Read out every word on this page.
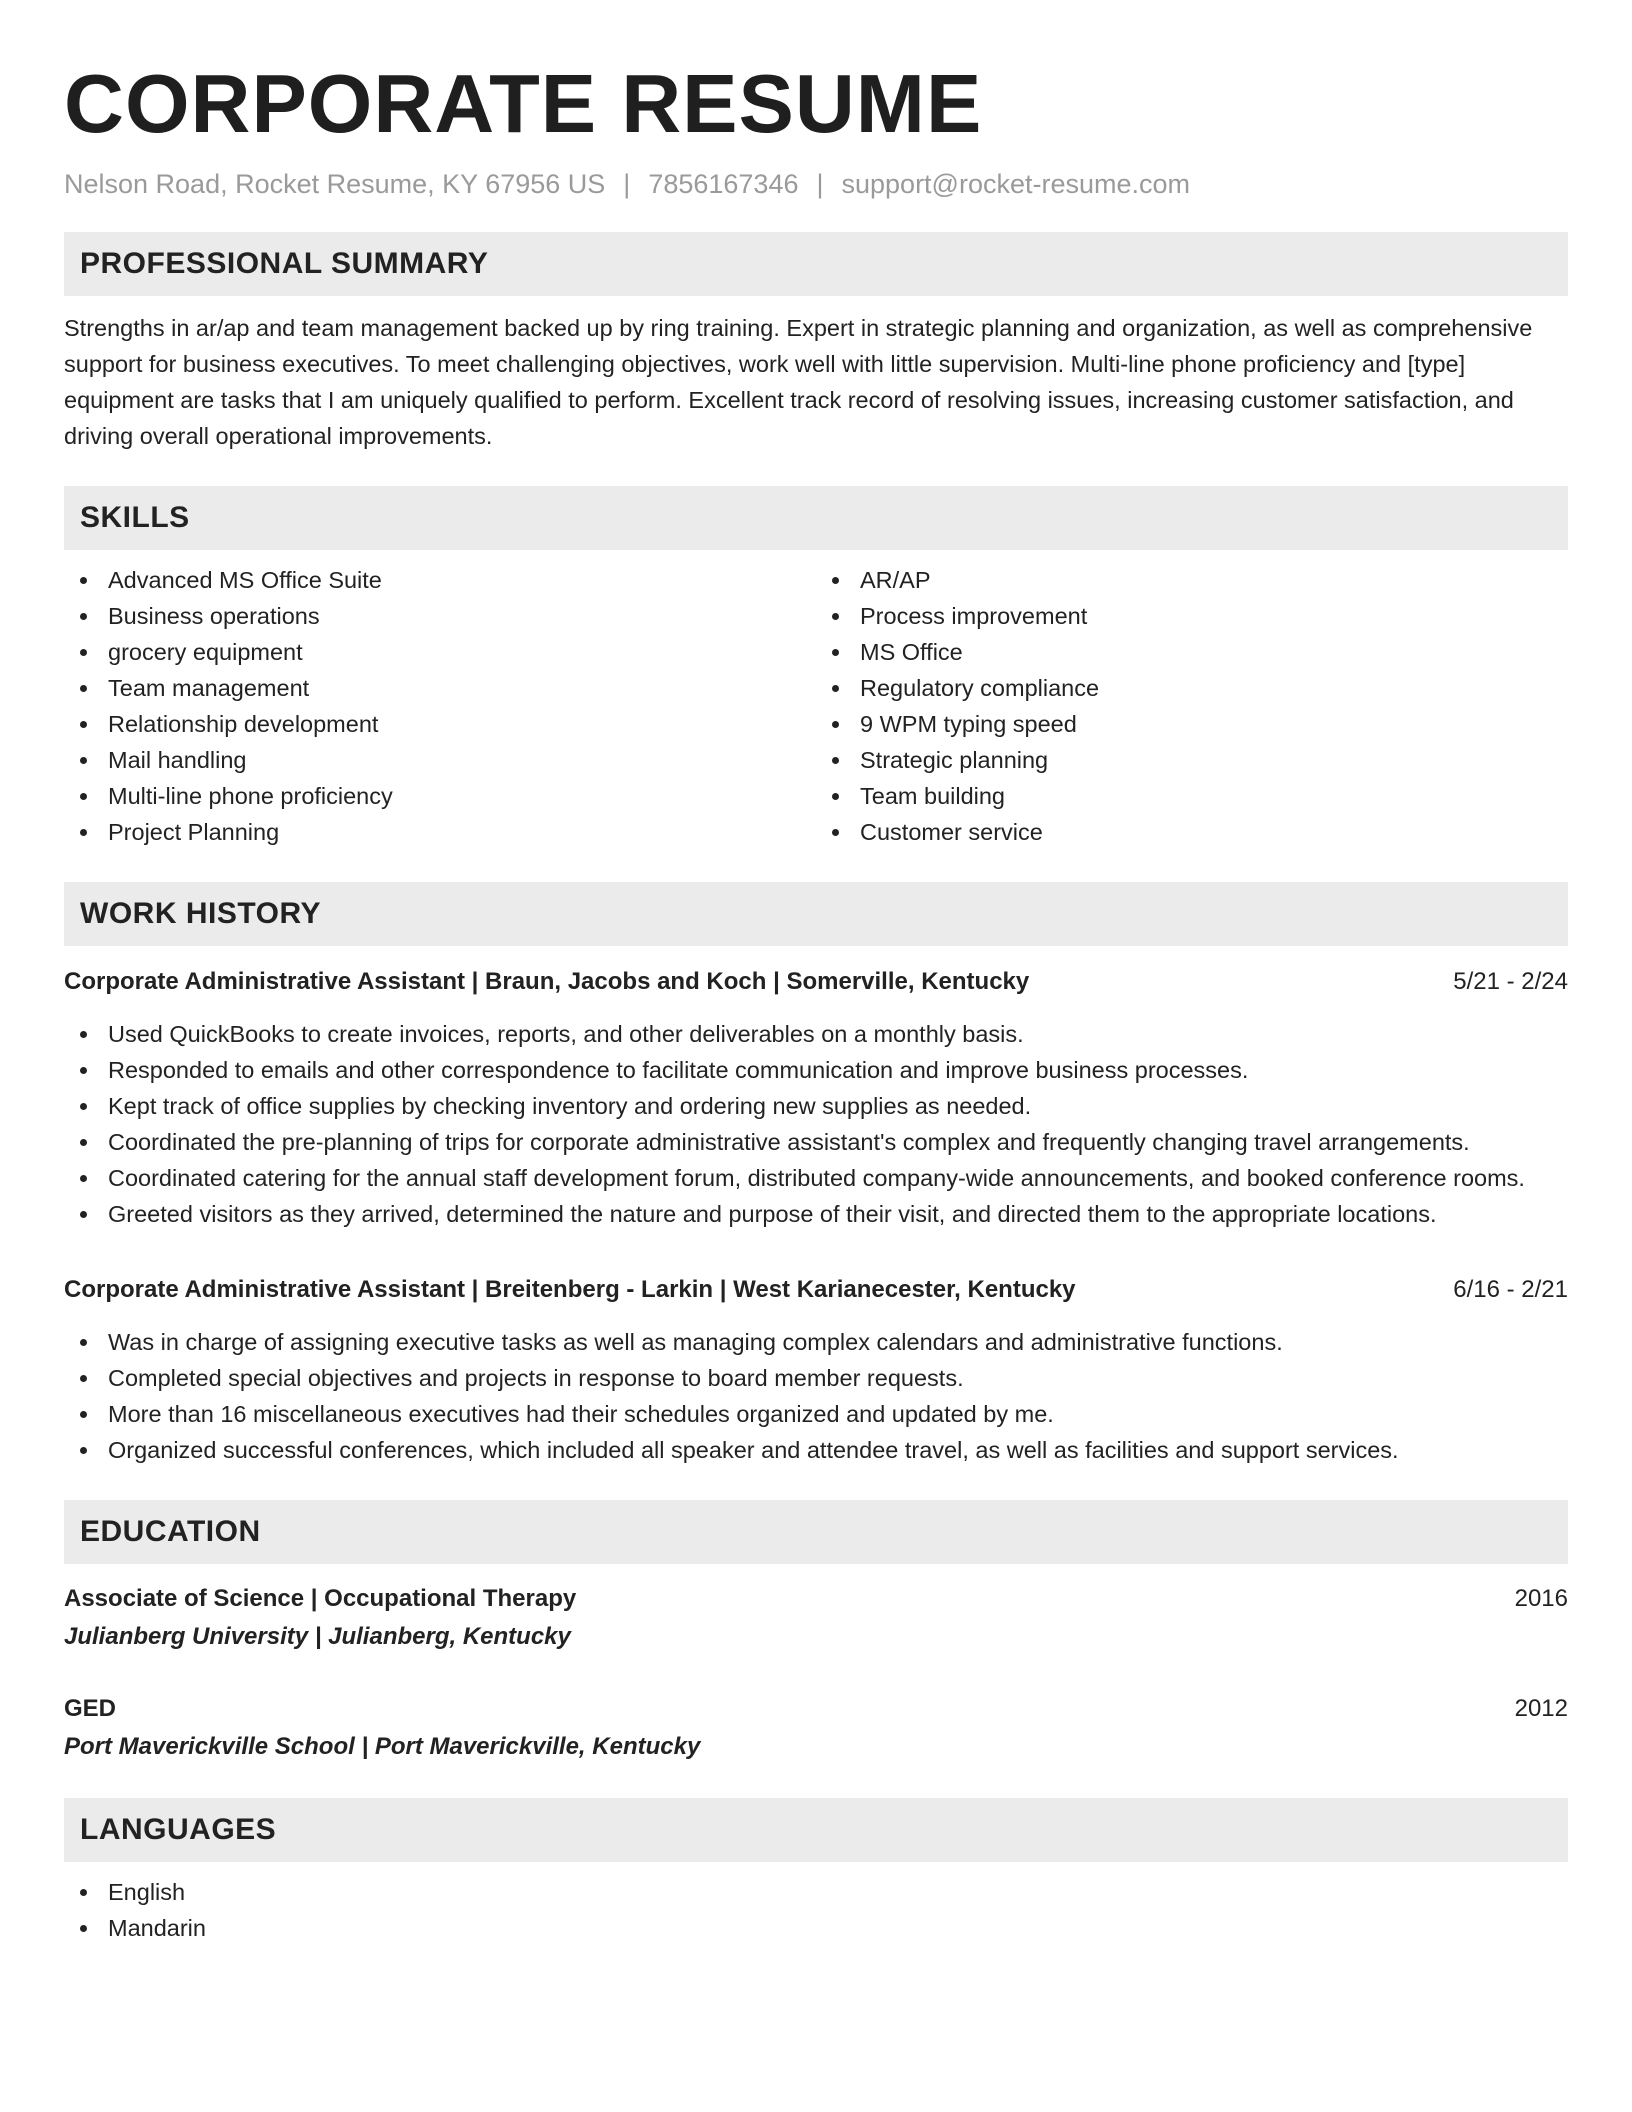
CORPORATE RESUME
Nelson Road, Rocket Resume, KY 67956 US | 7856167346 | support@rocket-resume.com
PROFESSIONAL SUMMARY

Strengths in ar/ap and team management backed up by ring training. Expert in strategic planning and organization, as well as comprehensive support for business executives. To meet challenging objectives, work well with little supervision. Multi-line phone proficiency and [type] equipment are tasks that I am uniquely qualified to perform. Excellent track record of resolving issues, increasing customer satisfaction, and driving overall operational improvements.

SKILLS
Advanced MS Office Suite
Business operations
grocery equipment
Team management
Relationship development
Mail handling
Multi-line phone proficiency
Project Planning
AR/AP
Process improvement
MS Office
Regulatory compliance
9 WPM typing speed
Strategic planning
Team building
Customer service
WORK HISTORY
Corporate Administrative Assistant | Braun, Jacobs and Koch | Somerville, Kentucky	5/21 - 2/24
Used QuickBooks to create invoices, reports, and other deliverables on a monthly basis.
Responded to emails and other correspondence to facilitate communication and improve business processes.
Kept track of office supplies by checking inventory and ordering new supplies as needed.
Coordinated the pre-planning of trips for corporate administrative assistant's complex and frequently changing travel arrangements.
Coordinated catering for the annual staff development forum, distributed company-wide announcements, and booked conference rooms.
Greeted visitors as they arrived, determined the nature and purpose of their visit, and directed them to the appropriate locations.
Corporate Administrative Assistant | Breitenberg - Larkin | West Karianecester, Kentucky	6/16 - 2/21
Was in charge of assigning executive tasks as well as managing complex calendars and administrative functions.
Completed special objectives and projects in response to board member requests.
More than 16 miscellaneous executives had their schedules organized and updated by me.
Organized successful conferences, which included all speaker and attendee travel, as well as facilities and support services.
EDUCATION
Associate of Science | Occupational Therapy	2016
Julianberg University | Julianberg, Kentucky
GED	2012
Port Maverickville School | Port Maverickville, Kentucky
LANGUAGES
English
Mandarin
